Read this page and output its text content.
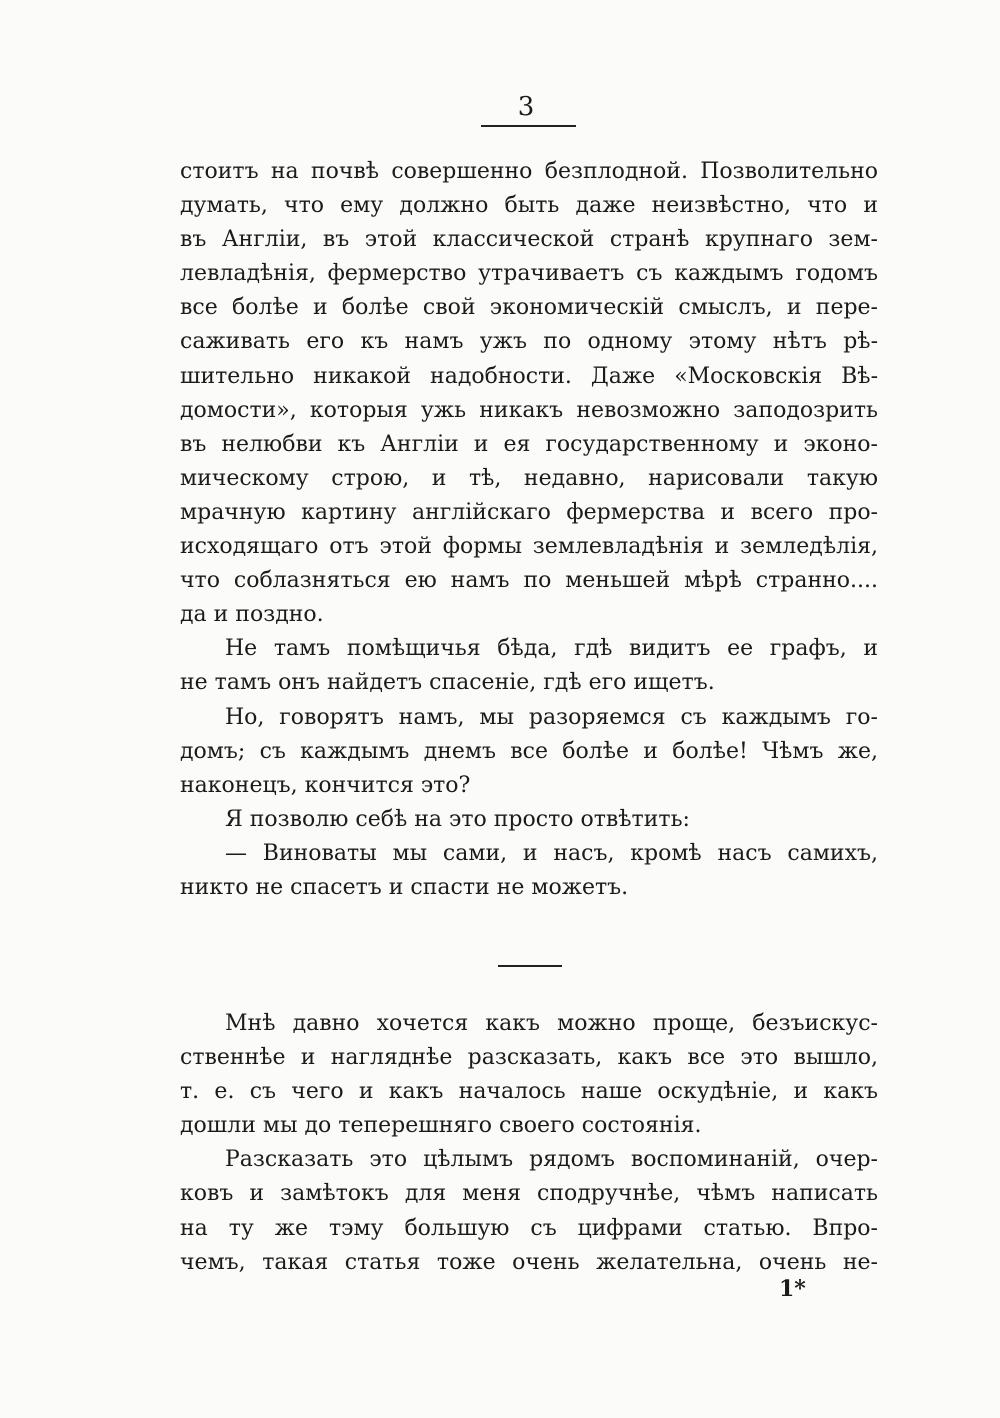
3
стоитъ на почвѣ совершенно безплодной. Позволительно
думать, что ему должно быть даже неизвѣстно, что и
въ Англіи, въ этой классической странѣ крупнаго зем-
левладѣнія, фермерство утрачиваетъ съ каждымъ годомъ
все болѣе и болѣе свой экономическій смыслъ, и пере-
саживать его къ намъ ужъ по одному этому нѣтъ рѣ-
шительно никакой надобности. Даже «Московскія Вѣ-
домости», которыя ужь никакъ невозможно заподозрить
въ нелюбви къ Англіи и ея государственному и эконо-
мическому строю, и тѣ, недавно, нарисовали такую
мрачную картину англійскаго фермерства и всего про-
исходящаго отъ этой формы землевладѣнія и земледѣлія,
что соблазняться ею намъ по меньшей мѣрѣ странно....
да и поздно.
Не тамъ помѣщичья бѣда, гдѣ видитъ ее графъ, и
не тамъ онъ найдетъ спасеніе, гдѣ его ищетъ.
Но, говорятъ намъ, мы разоряемся съ каждымъ го-
домъ; съ каждымъ днемъ все болѣе и болѣе! Чѣмъ же,
наконецъ, кончится это?
Я позволю себѣ на это просто отвѣтить:
— Виноваты мы сами, и насъ, кромѣ насъ самихъ,
никто не спасетъ и спасти не можетъ.
Мнѣ давно хочется какъ можно проще, безъискус-
ственнѣе и нагляднѣе разсказать, какъ все это вышло,
т. е. съ чего и какъ началось наше оскудѣніе, и какъ
дошли мы до теперешняго своего состоянія.
Разсказать это цѣлымъ рядомъ воспоминаній, очер-
ковъ и замѣтокъ для меня сподручнѣе, чѣмъ написать
на ту же тэму большую съ цифрами статью. Впро-
чемъ, такая статья тоже очень желательна, очень не-
1*
